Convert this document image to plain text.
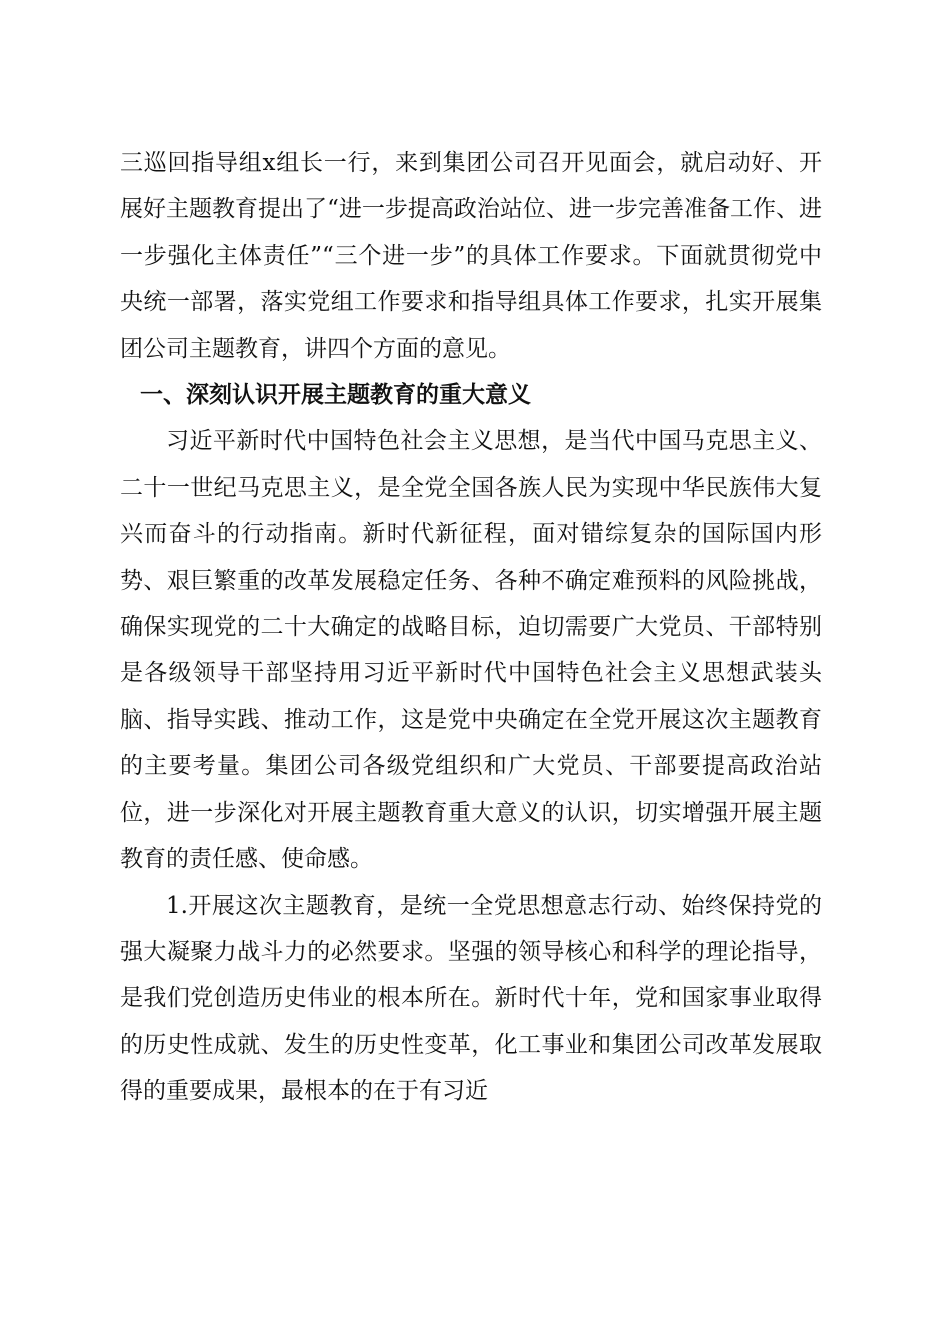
三巡回指导组x组长一行，来到集团公司召开见面会，就启动好、开展好主题教育提出了“进一步提高政治站位、进一步完善准备工作、进一步强化主体责任”“三个进一步”的具体工作要求。下面就贯彻党中央统一部署，落实党组工作要求和指导组具体工作要求，扎实开展集团公司主题教育，讲四个方面的意见。

一、深刻认识开展主题教育的重大意义

习近平新时代中国特色社会主义思想，是当代中国马克思主义、二十一世纪马克思主义，是全党全国各族人民为实现中华民族伟大复兴而奋斗的行动指南。新时代新征程，面对错综复杂的国际国内形势、艰巨繁重的改革发展稳定任务、各种不确定难预料的风险挑战，确保实现党的二十大确定的战略目标，迫切需要广大党员、干部特别是各级领导干部坚持用习近平新时代中国特色社会主义思想武装头脑、指导实践、推动工作，这是党中央确定在全党开展这次主题教育的主要考量。集团公司各级党组织和广大党员、干部要提高政治站位，进一步深化对开展主题教育重大意义的认识，切实增强开展主题教育的责任感、使命感。

1.开展这次主题教育，是统一全党思想意志行动、始终保持党的强大凝聚力战斗力的必然要求。坚强的领导核心和科学的理论指导，是我们党创造历史伟业的根本所在。新时代十年，党和国家事业取得的历史性成就、发生的历史性变革，化工事业和集团公司改革发展取得的重要成果，最根本的在于有习近
